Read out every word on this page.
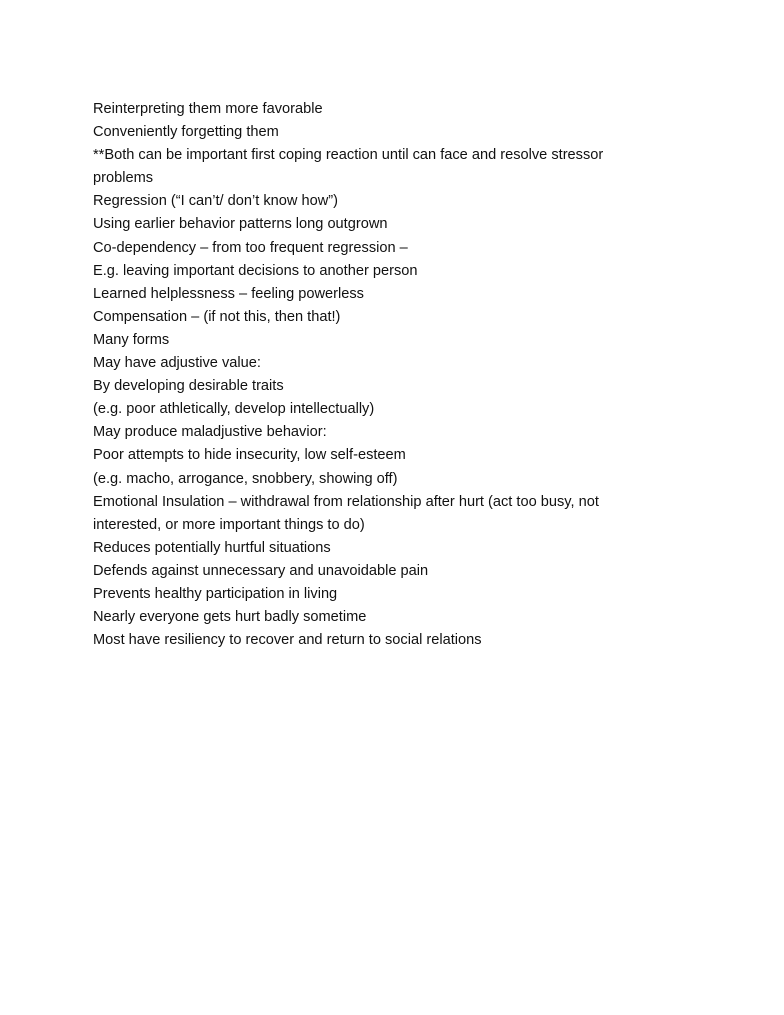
Reinterpreting them more favorable

Conveniently forgetting them

**Both can be important first coping reaction until can face and resolve stressor problems

Regression (“I can’t/ don’t know how”)

Using earlier behavior patterns long outgrown

Co-dependency – from too frequent regression –

E.g. leaving important decisions to another person

Learned helplessness – feeling powerless

Compensation – (if not this, then that!)

Many forms

May have adjustive value:

By developing desirable traits

(e.g. poor athletically, develop intellectually)

May produce maladjustive behavior:

Poor attempts to hide insecurity, low self-esteem

(e.g. macho, arrogance, snobbery, showing off)

Emotional Insulation – withdrawal from relationship after hurt (act too busy, not interested, or more important things to do)

Reduces potentially hurtful situations

Defends against unnecessary and unavoidable pain

Prevents healthy participation in living

Nearly everyone gets hurt badly sometime

Most have resiliency to recover and return to social relations
